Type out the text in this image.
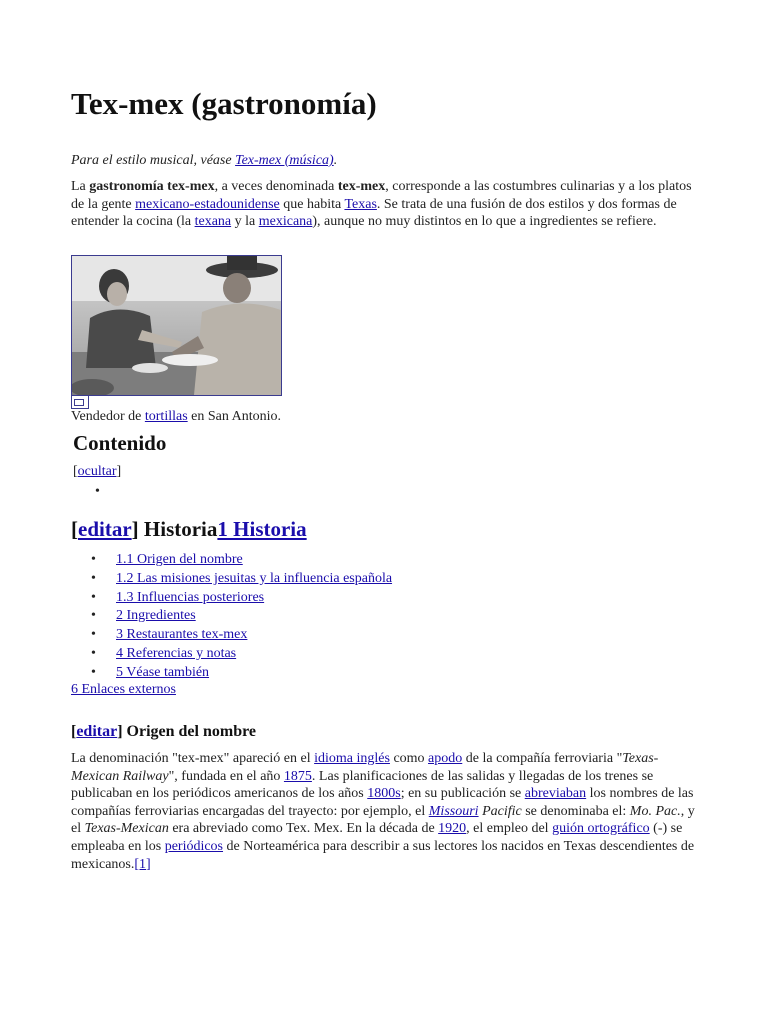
Tex-mex (gastronomía)

Para el estilo musical, véase Tex-mex (música).

La gastronomía tex-mex, a veces denominada tex-mex, corresponde a las costumbres culinarias y a los platos de la gente mexicano-estadounidense que habita Texas. Se trata de una fusión de dos estilos y dos formas de entender la cocina (la texana y la mexicana), aunque no muy distintos en lo que a ingredientes se refiere.

Vendedor de tortillas en San Antonio.

Contenido
[ocultar]
•
[editar] Historia1 Historia
• 1.1 Origen del nombre
• 1.2 Las misiones jesuitas y la influencia española
• 1.3 Influencias posteriores
• 2 Ingredientes
• 3 Restaurantes tex-mex
• 4 Referencias y notas
• 5 Véase también
6 Enlaces externos
[editar] Origen del nombre

La denominación "tex-mex" apareció en el idioma inglés como apodo de la compañía ferroviaria "Texas-Mexican Railway", fundada en el año 1875. Las planificaciones de las salidas y llegadas de los trenes se publicaban en los periódicos americanos de los años 1800s; en su publicación se abreviaban los nombres de las compañías ferroviarias encargadas del trayecto: por ejemplo, el Missouri Pacific se denominaba el: Mo. Pac., y el Texas-Mexican era abreviado como Tex. Mex. En la década de 1920, el empleo del guión ortográfico (-) se empleaba en los periódicos de Norteamérica para describir a sus lectores los nacidos en Texas descendientes de mexicanos.[1]
